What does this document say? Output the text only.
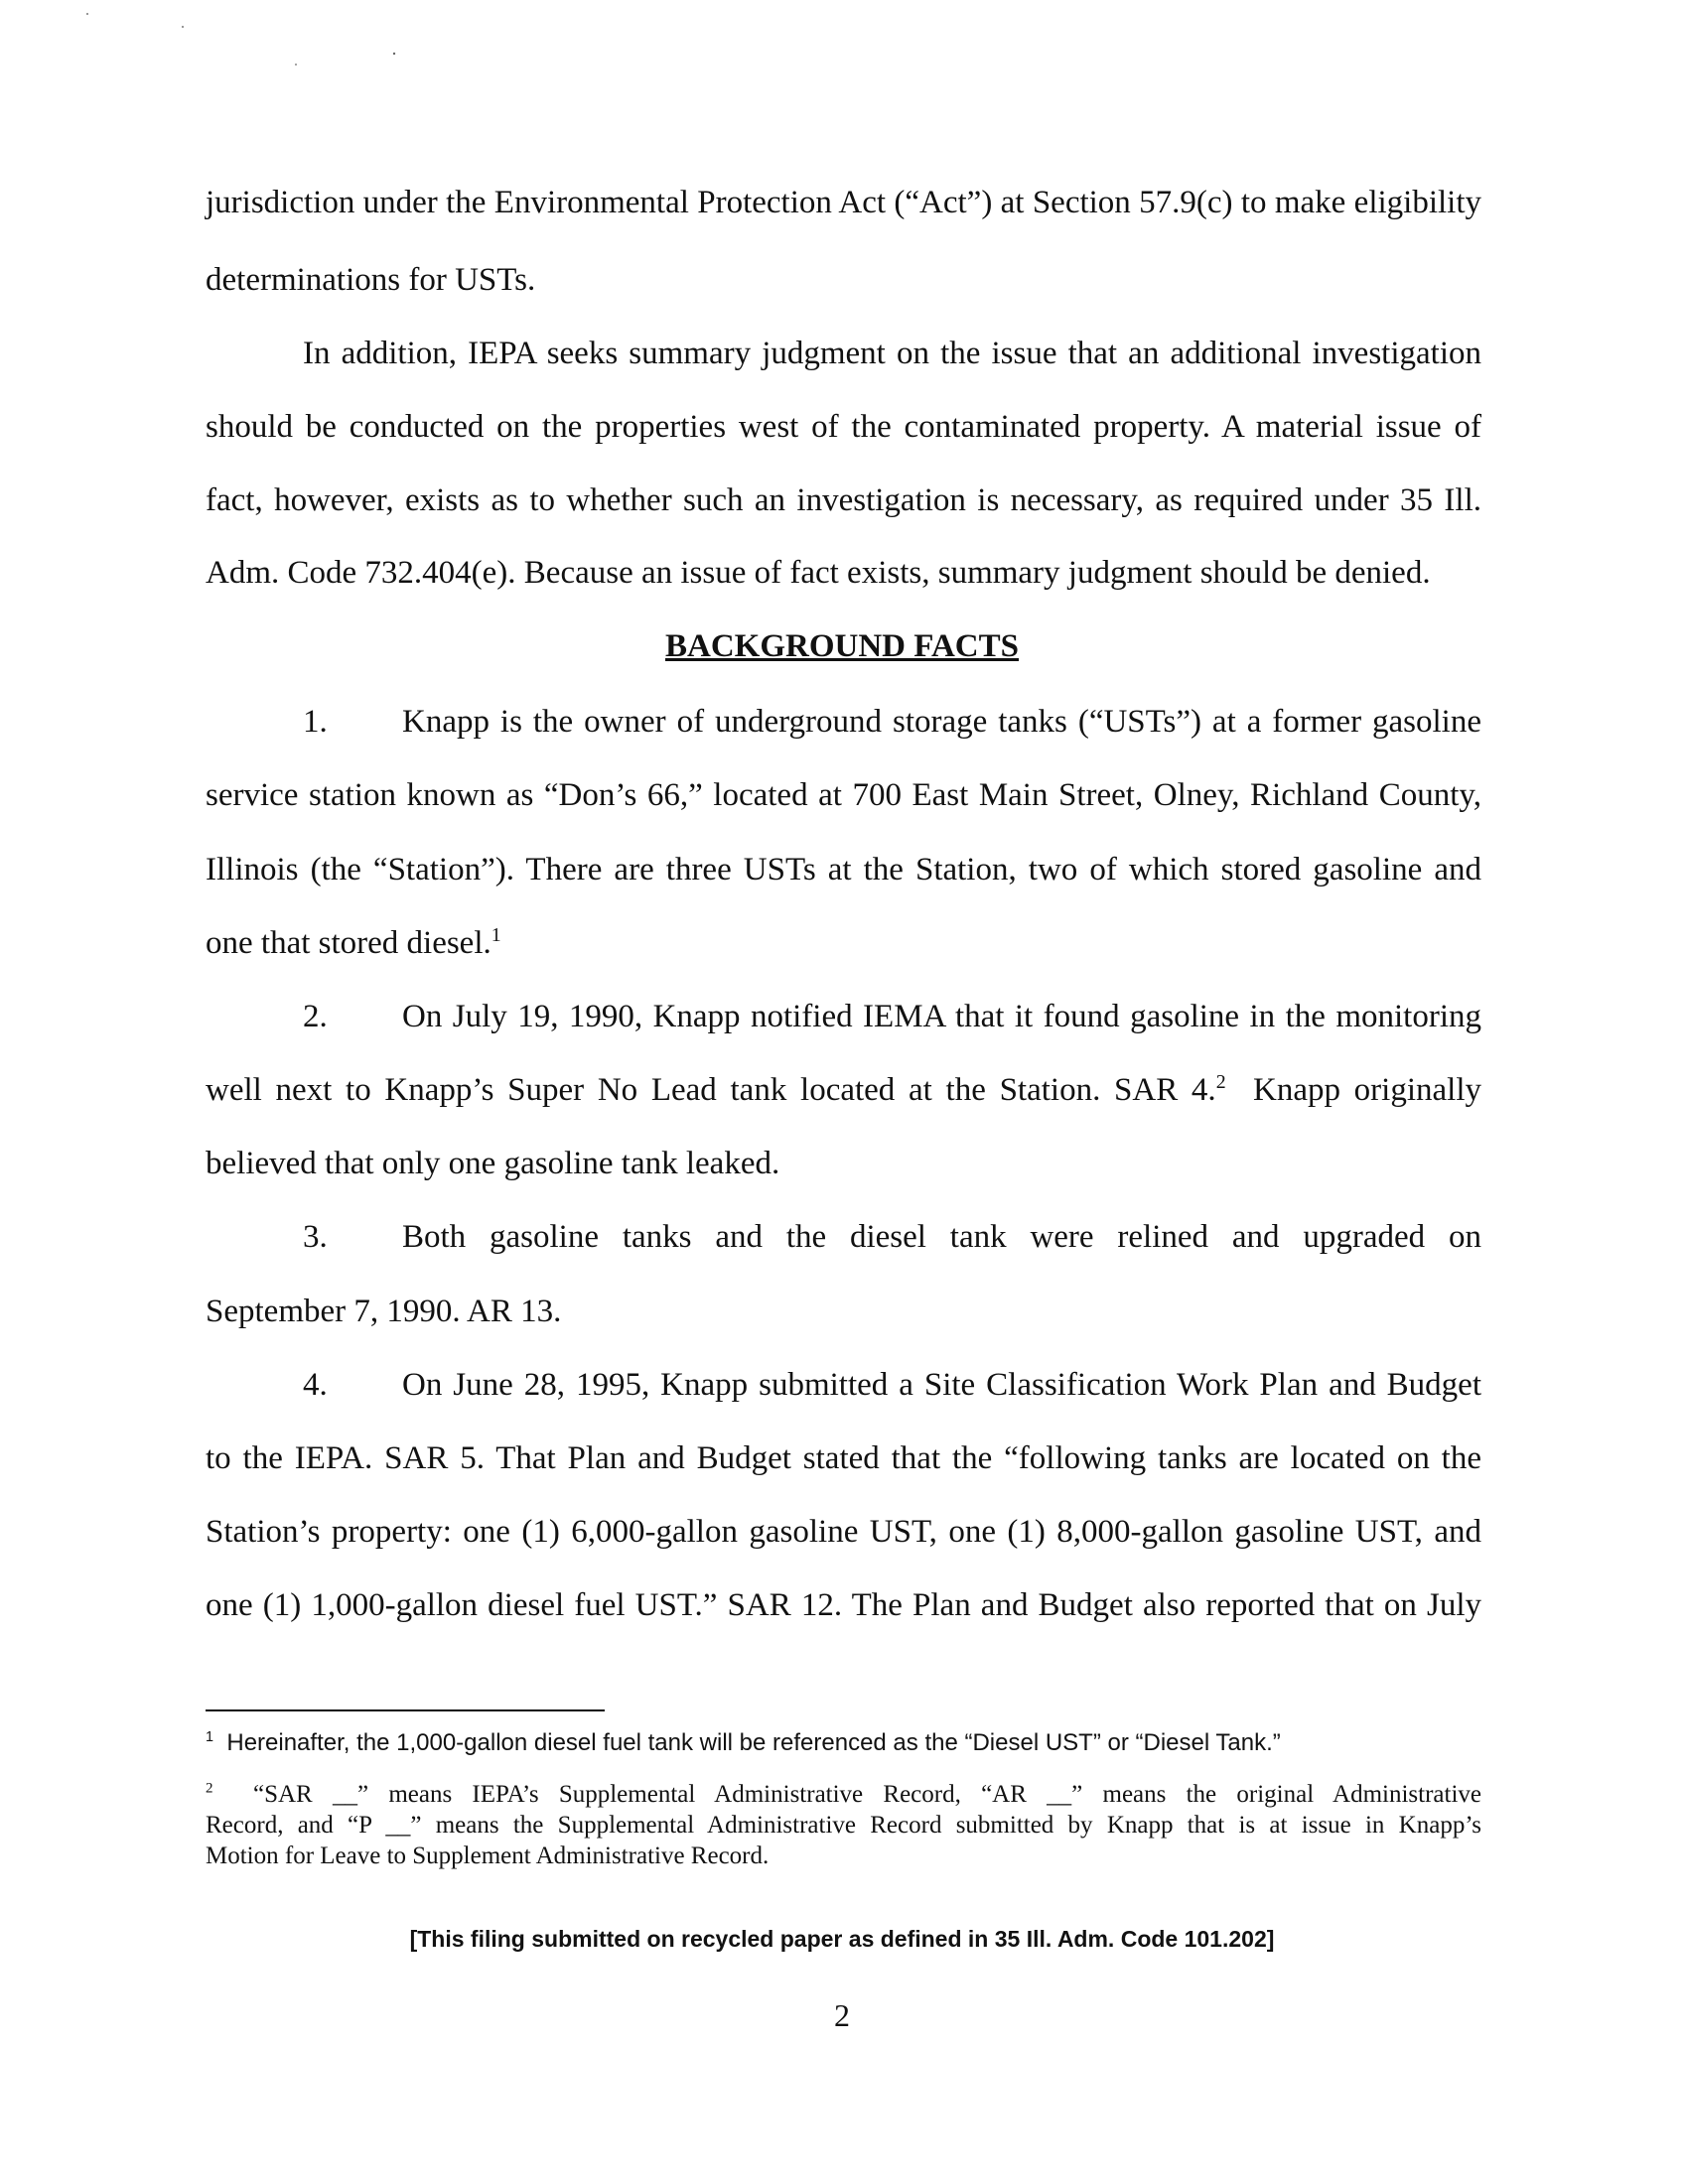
jurisdiction under the Environmental Protection Act (“Act”) at Section 57.9(c) to make eligibility
determinations for USTs.
In addition, IEPA seeks summary judgment on the issue that an additional investigation
should be conducted on the properties west of the contaminated property. A material issue of
fact, however, exists as to whether such an investigation is necessary, as required under 35 Ill.
Adm. Code 732.404(e). Because an issue of fact exists, summary judgment should be denied.
BACKGROUND FACTS
1. Knapp is the owner of underground storage tanks (“USTs”) at a former gasoline
service station known as “Don’s 66,” located at 700 East Main Street, Olney, Richland County,
Illinois (the “Station”). There are three USTs at the Station, two of which stored gasoline and
one that stored diesel.$^1$
2. On July 19, 1990, Knapp notified IEMA that it found gasoline in the monitoring
well next to Knapp’s Super No Lead tank located at the Station. SAR 4.$^2$ Knapp originally
believed that only one gasoline tank leaked.
3. Both gasoline tanks and the diesel tank were relined and upgraded on
September 7, 1990. AR 13.
4. On June 28, 1995, Knapp submitted a Site Classification Work Plan and Budget
to the IEPA. SAR 5. That Plan and Budget stated that the “following tanks are located on the
Station’s property: one (1) 6,000-gallon gasoline UST, one (1) 8,000-gallon gasoline UST, and
one (1) 1,000-gallon diesel fuel UST.” SAR 12. The Plan and Budget also reported that on July
$^1$ Hereinafter, the 1,000-gallon diesel fuel tank will be referenced as the “Diesel UST” or “Diesel Tank.”
$^2$ “SAR __” means IEPA’s Supplemental Administrative Record, “AR __” means the original Administrative
Record, and “P __” means the Supplemental Administrative Record submitted by Knapp that is at issue in Knapp’s
Motion for Leave to Supplement Administrative Record.
[This filing submitted on recycled paper as defined in 35 Ill. Adm. Code 101.202]
2
